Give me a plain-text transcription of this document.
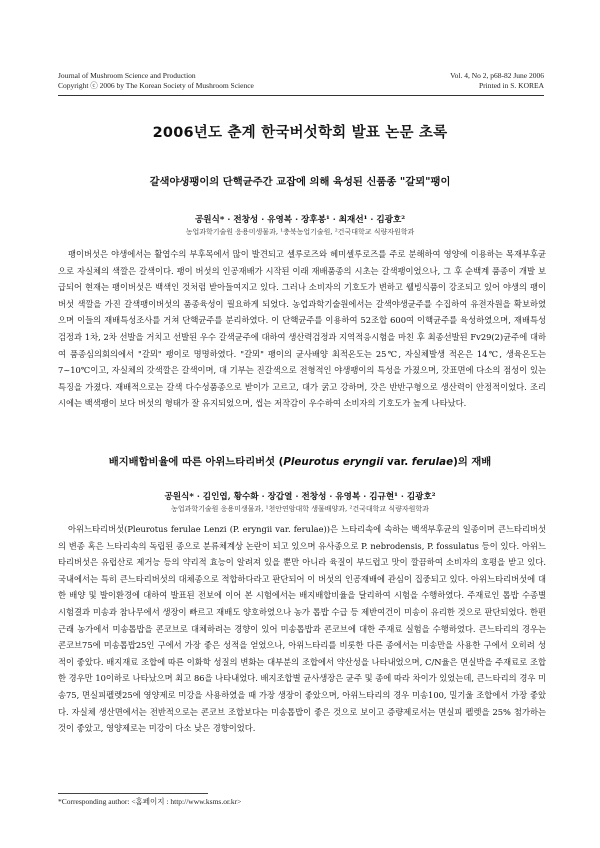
Journal of Mushroom Science and Production
Copyright ⓒ 2006 by The Korean Society of Mushroom Science
Vol. 4, No 2, p68-82 June 2006
Printed in S. KOREA
2006년도 춘계 한국버섯학회 발표 논문 초록
갈색야생팽이의 단핵균주간 교잡에 의해 육성된 신품종 "갈뫼"팽이
공원식* · 전창성 · 유영복 · 장후봉¹ · 최재선¹ · 김광호²
농업과학기술원 응용미생물과, ¹충북농업기술원, ²건국대학교 식량자원학과

팽이버섯은 야생에서는 활엽수의 부후목에서 많이 발견되고 셀루로즈와 헤미셀루로즈를 주로 분해하여 영양에 이용하는 목재부후균으로 자실체의 색깔은 갈색이다. 팽이 버섯의 인공재배가 시작된 이래 재배품종의 시초는 갈색팽이었으나, 그 후 순백계 품종이 개발 보급되어 현재는 팽이버섯은 백색인 것처럼 받아들여지고 있다. 그러나 소비자의 기호도가 변하고 웰빙식품이 강조되고 있어 야생의 팽이버섯 색깔을 가진 갈색팽이버섯의 품종육성이 필요하게 되었다. 농업과학기술원에서는 갈색야생균주를 수집하여 유전자원을 확보하였으며 이들의 재배특성조사를 거쳐 단핵균주를 분리하였다. 이 단핵균주를 이용하여 52조합 600여 이핵균주를 육성하였으며, 재배특성검정과 1차, 2차 선발을 거치고 선발된 우수 갈색균주에 대하여 생산력검정과 지역적응시험을 마친 후 최종선발된 Fv29(2)균주에 대하여 품종심의회의에서 "갈뫼" 팽이로 명명하였다. "갈뫼" 팽이의 균사배양 최적온도는 25℃, 자실체발생 적온은 14℃, 생육온도는 7~10℃이고, 자실체의 갓색깔은 갈색이며, 대 기부는 진갈색으로 전형적인 야생팽이의 특성을 가졌으며, 갓표면에 다소의 점성이 있는 특징을 가졌다. 재배적으로는 갈색 다수성품종으로 받이가 고르고, 대가 굵고 강하며, 갓은 반반구형으로 생산력이 안정적이었다. 조리시에는 백색팽이 보다 버섯의 형태가 잘 유지되었으며, 씹는 저작감이 우수하여 소비자의 기호도가 높게 나타났다.

배지배합비율에 따른 아위느타리버섯 (Pleurotus eryngii var. ferulae)의 재배
공원식* · 김인엽, 황수화 · 장갑열 · 전창성 · 유영복 · 김규현¹ · 김광호²
농업과학기술원 응용미생물과, ¹천안연암대학 생물배양과, ²건국대학교 식량자원학과

아위느타리버섯(Pleurotus ferulae Lenzi (P. eryngii var. ferulae))은 느타리속에 속하는 백색부후균의 일종이며 큰느타리버섯의 변종 혹은 느타리속의 독립된 종으로 분류체계상 논란이 되고 있으며 유사종으로 P. nebrodensis, P. fossulatus 등이 있다. 아위느타리버섯은 유럽산로 제거능 등의 약리적 효능이 알려져 있을 뿐만 아니라 육질이 부드럽고 맛이 깔끔하여 소비자의 호평을 받고 있다. 국내에서는 특히 큰느타리버섯의 대체종으로 적합하다라고 판단되어 이 버섯의 인공재배에 관심이 집중되고 있다. 아위느타리버섯에 대한 배양 및 발이환경에 대하여 발표된 전보에 이어 본 시험에서는 배지배합비율을 달리하여 시험을 수행하였다. 주재료인 톱밥 수종별 시험결과 미송과 참나무에서 생장이 빠르고 재배도 양호하였으나 농가 톱밥 수급 등 제반여건이 미송이 유리한 것으로 판단되었다. 한편 근래 농가에서 미송톱밥을 콘코브로 대체하려는 경향이 있어 미송톱밥과 콘코브에 대한 주재료 실험을 수행하였다. 큰느타리의 경우는 콘코브75에 미송톱밥25인 구에서 가장 좋은 성적을 얻었으나, 아위느타리를 비롯한 다른 종에서는 미송만을 사용한 구에서 오히려 성적이 좋았다. 배지재료 조합에 따른 이화학 성질의 변화는 대부분의 조합에서 약산성을 나타내었으며, C/N율은 면실박을 주재료로 조합한 경우만 10이하로 나타났으며 최고 86을 나타내었다. 배지조합별 균사생장은 균주 및 종에 따라 차이가 있었는데, 큰느타리의 경우 미송75, 면실피펠렛25에 영양제로 미강을 사용하였을 때 가장 생장이 좋았으며, 아위느타리의 경우 미송100, 밀기울 조합에서 가장 좋았다. 자실체 생산면에서는 전반적으로는 콘코브 조합보다는 미송톱밥이 좋은 것으로 보이고 증량제로서는 면실피 펠렛을 25% 첨가하는 것이 좋았고, 영양제로는 미강이 다소 낮은 경향이었다.

*Corresponding author: <홈페이지 : http://www.ksms.or.kr>
